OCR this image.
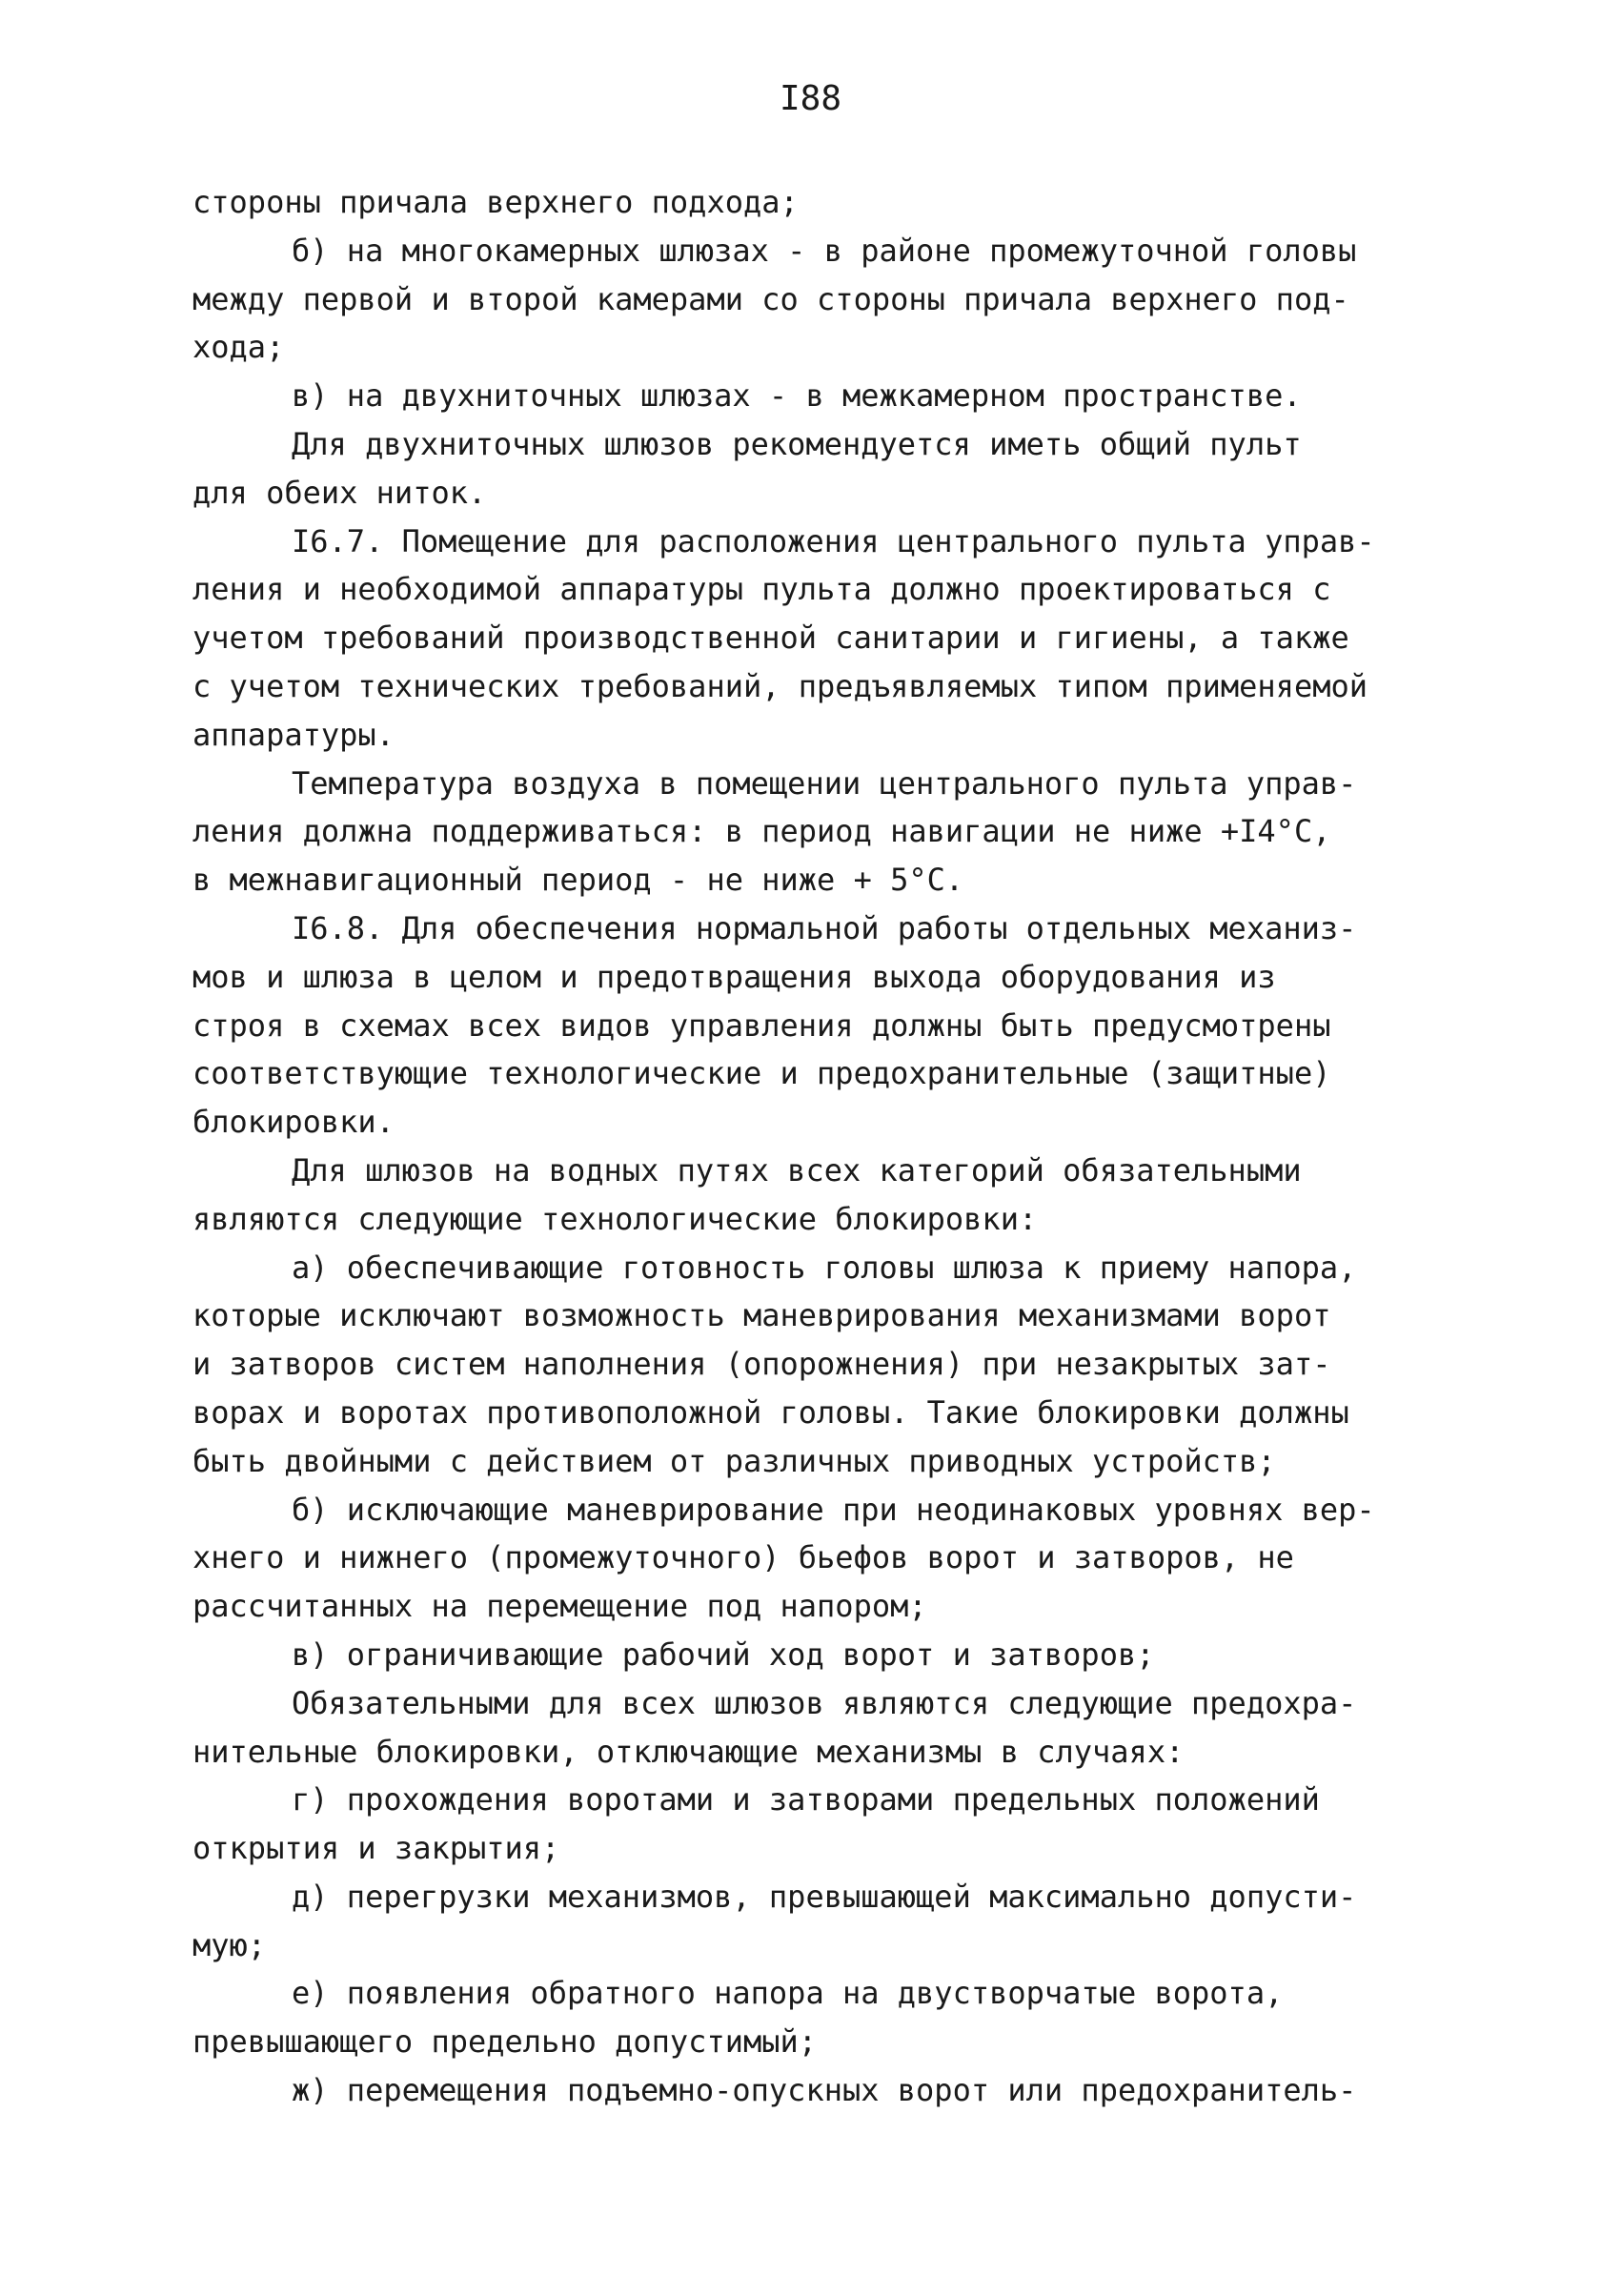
I88
стороны причала верхнего подхода;
б) на многокамерных шлюзах - в районе промежуточной головы
между первой и второй камерами со стороны причала верхнего под-
хода;
в) на двухниточных шлюзах - в межкамерном пространстве.
Для двухниточных шлюзов рекомендуется иметь общий пульт
для обеих ниток.
I6.7. Помещение для расположения центрального пульта управ-
ления и необходимой аппаратуры пульта должно проектироваться с
учетом требований производственной санитарии и гигиены, а также
с учетом технических требований, предъявляемых типом применяемой
аппаратуры.
Температура воздуха в помещении центрального пульта управ-
ления должна поддерживаться: в период навигации не ниже +I4°С,
в межнавигационный период - не ниже + 5°С.
I6.8. Для обеспечения нормальной работы отдельных механиз-
мов и шлюза в целом и предотвращения выхода оборудования из
строя в схемах всех видов управления должны быть предусмотрены
соответствующие технологические и предохранительные (защитные)
блокировки.
Для шлюзов на водных путях всех категорий обязательными
являются следующие технологические блокировки:
а) обеспечивающие готовность головы шлюза к приему напора,
которые исключают возможность маневрирования механизмами ворот
и затворов систем наполнения (опорожнения) при незакрытых зат-
ворах и воротах противоположной головы. Такие блокировки должны
быть двойными с действием от различных приводных устройств;
б) исключающие маневрирование при неодинаковых уровнях вер-
хнего и нижнего (промежуточного) бьефов ворот и затворов, не
рассчитанных на перемещение под напором;
в) ограничивающие рабочий ход ворот и затворов;
Обязательными для всех шлюзов являются следующие предохра-
нительные блокировки, отключающие механизмы в случаях:
г) прохождения воротами и затворами предельных положений
открытия и закрытия;
д) перегрузки механизмов, превышающей максимально допусти-
мую;
е) появления обратного напора на двустворчатые ворота,
превышающего предельно допустимый;
ж) перемещения подъемно-опускных ворот или предохранитель-
